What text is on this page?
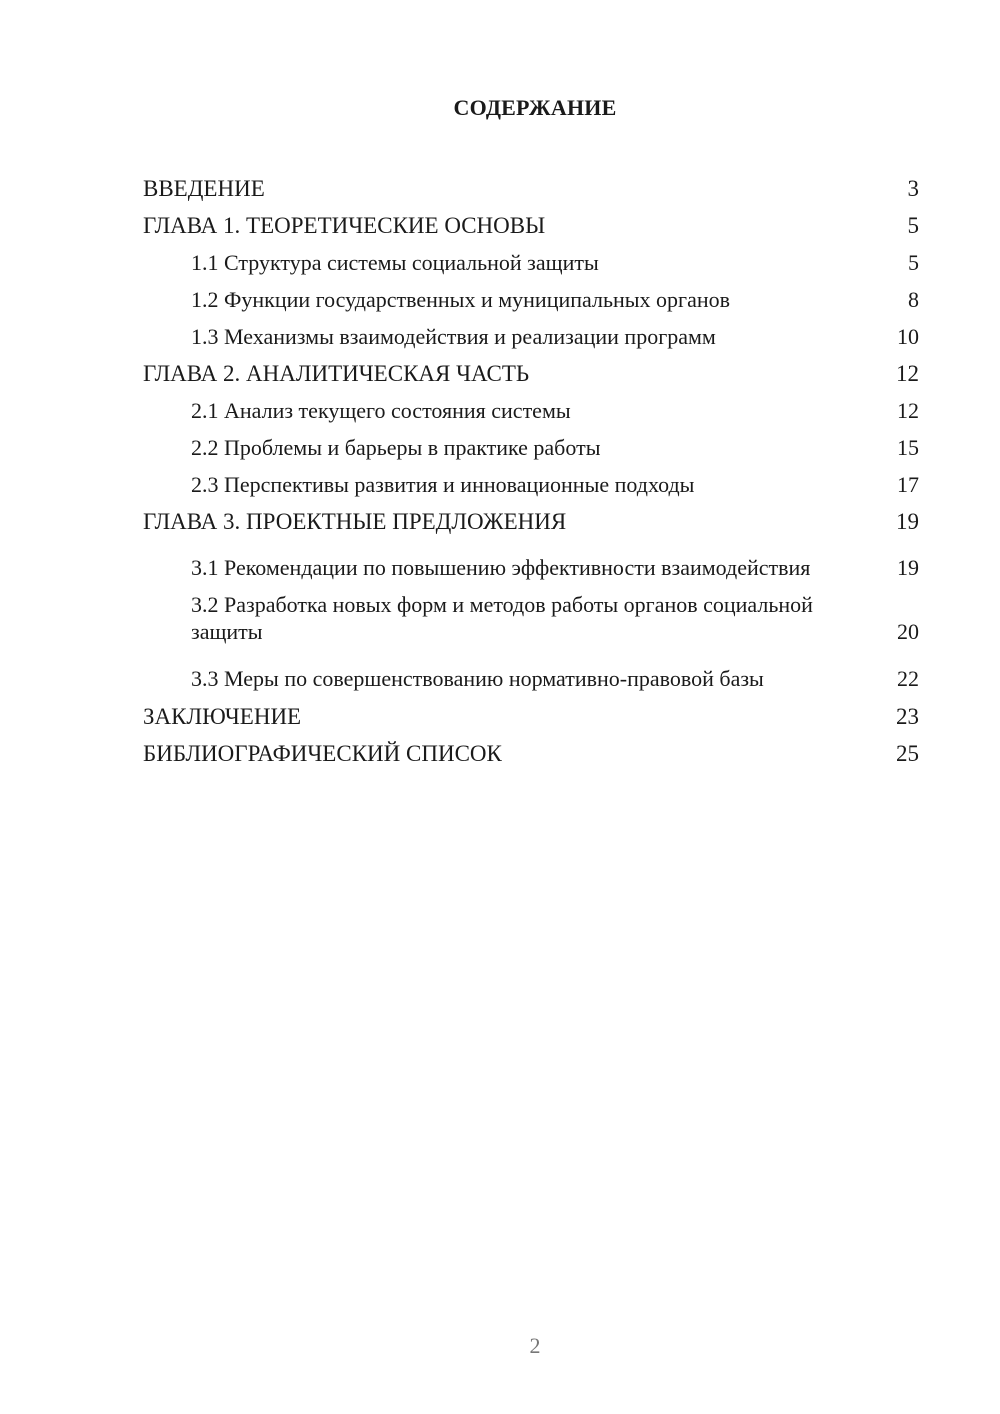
СОДЕРЖАНИЕ
ВВЕДЕНИЕ	3
ГЛАВА 1. ТЕОРЕТИЧЕСКИЕ ОСНОВЫ	5
1.1 Структура системы социальной защиты	5
1.2 Функции государственных и муниципальных органов	8
1.3 Механизмы взаимодействия и реализации программ	10
ГЛАВА 2. АНАЛИТИЧЕСКАЯ ЧАСТЬ	12
2.1 Анализ текущего состояния системы	12
2.2 Проблемы и барьеры в практике работы	15
2.3 Перспективы развития и инновационные подходы	17
ГЛАВА 3. ПРОЕКТНЫЕ ПРЕДЛОЖЕНИЯ	19
3.1 Рекомендации по повышению эффективности взаимодействия	19
3.2 Разработка новых форм и методов работы органов социальной защиты	20
3.3 Меры по совершенствованию нормативно-правовой базы	22
ЗАКЛЮЧЕНИЕ	23
БИБЛИОГРАФИЧЕСКИЙ СПИСОК	25
2
